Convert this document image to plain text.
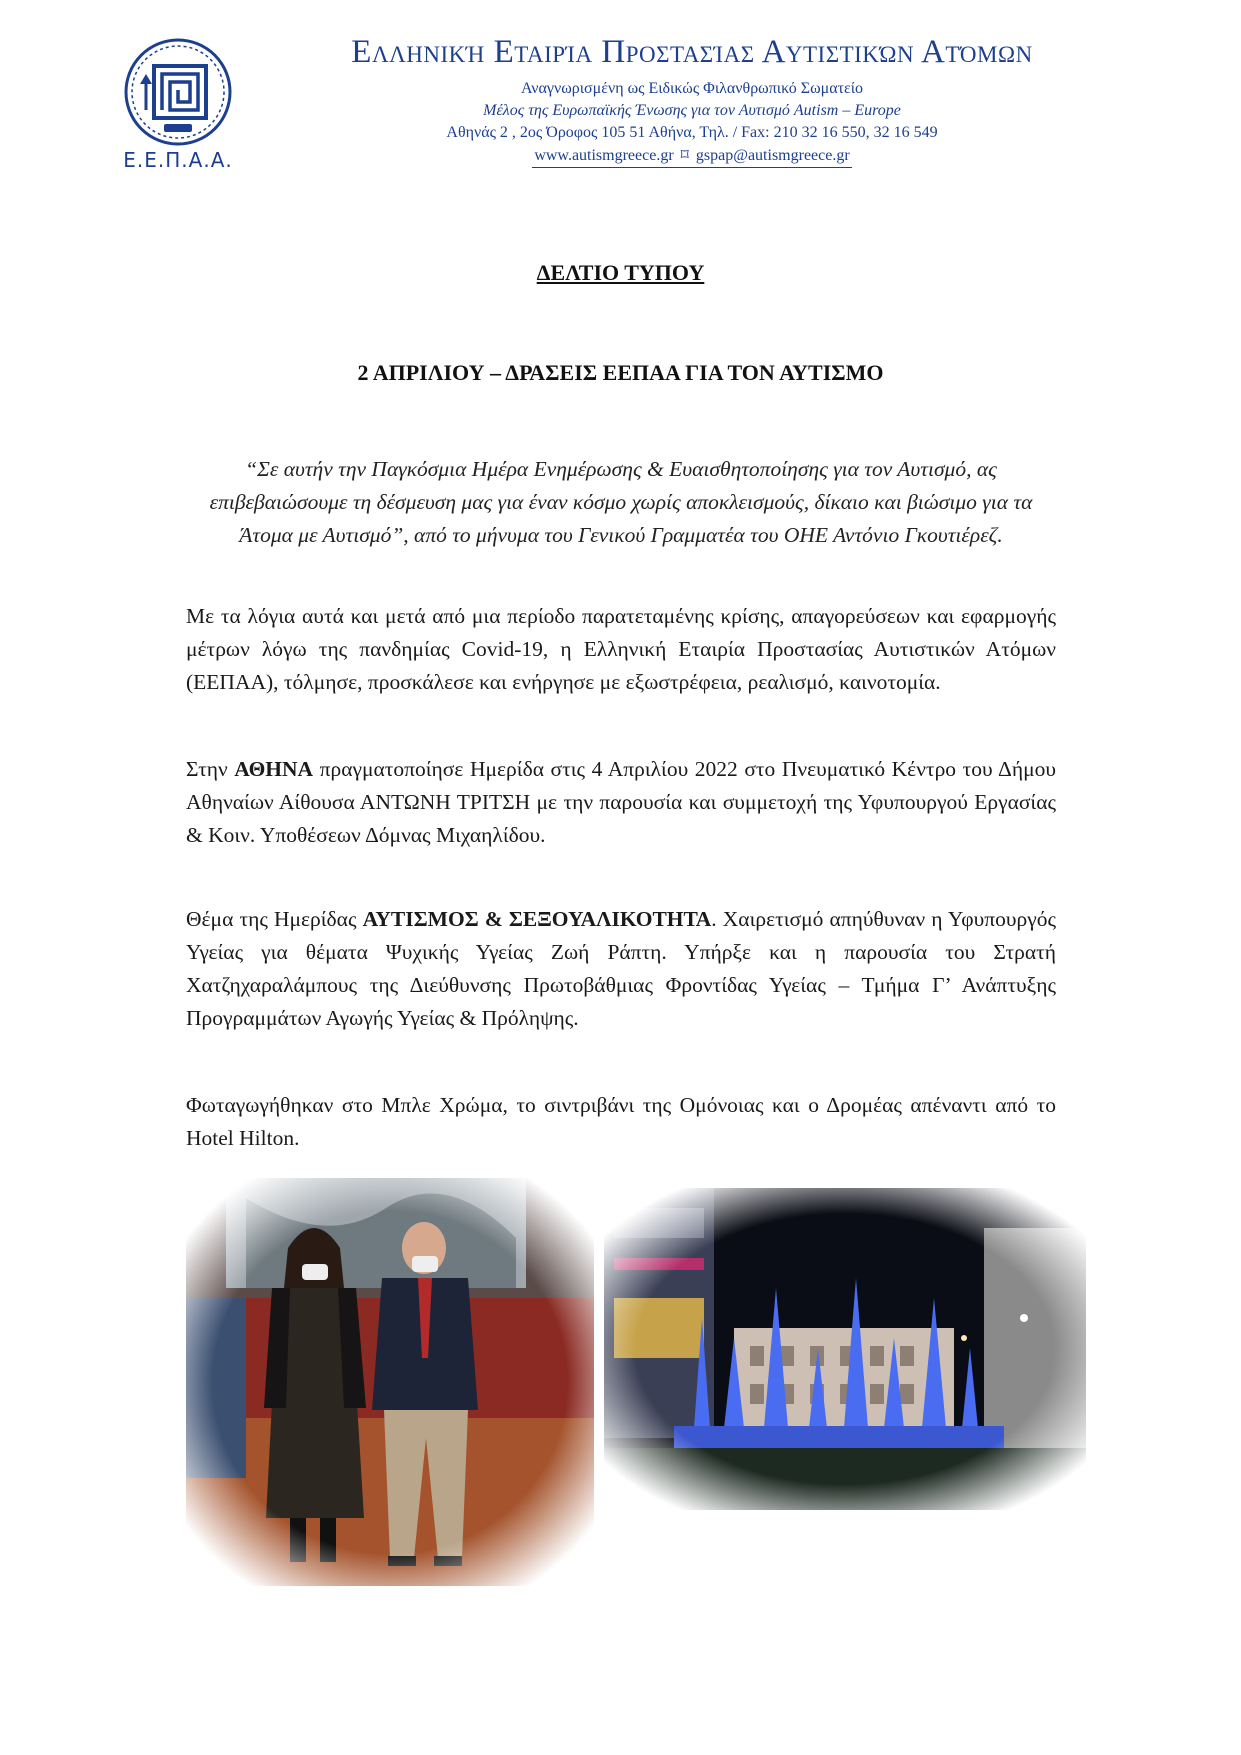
Ε.Ε.Π.Α.Α.
Ελληνική Εταιρία Προστασίας Αυτιστικών Ατόμων
Αναγνωρισμένη ως Ειδικώς Φιλανθρωπικό Σωματείο
Μέλος της Ευρωπαϊκής Ένωσης για τον Αυτισμό Autism – Europe
Αθηνάς 2 , 2ος Όροφος 105 51 Αθήνα, Τηλ. / Fax: 210 32 16 550, 32 16 549
www.autismgreece.gr ⌑ gspap@autismgreece.gr
ΔΕΛΤΙΟ ΤΥΠΟΥ
2 ΑΠΡΙΛΙΟΥ – ΔΡΑΣΕΙΣ ΕΕΠΑΑ ΓΙΑ ΤΟΝ ΑΥΤΙΣΜΟ
“Σε αυτήν την Παγκόσμια Ημέρα Ενημέρωσης & Ευαισθητοποίησης για τον Αυτισμό, ας επιβεβαιώσουμε τη δέσμευση μας για έναν κόσμο χωρίς αποκλεισμούς, δίκαιο και βιώσιμο για τα Άτομα με Αυτισμό”, από το μήνυμα του Γενικού Γραμματέα του ΟΗΕ Αντόνιο Γκουτιέρεζ.
Με τα λόγια αυτά και μετά από μια περίοδο παρατεταμένης κρίσης, απαγορεύσεων και εφαρμογής μέτρων λόγω της πανδημίας Covid-19, η Ελληνική Εταιρία Προστασίας Αυτιστικών Ατόμων (ΕΕΠΑΑ), τόλμησε, προσκάλεσε και ενήργησε με εξωστρέφεια, ρεαλισμό, καινοτομία.
Στην ΑΘΗΝΑ πραγματοποίησε Ημερίδα στις 4 Απριλίου 2022 στο Πνευματικό Κέντρο του Δήμου Αθηναίων Αίθουσα ΑΝΤΩΝΗ ΤΡΙΤΣΗ με την παρουσία και συμμετοχή της Υφυπουργού Εργασίας & Κοιν. Υποθέσεων Δόμνας Μιχαηλίδου.
Θέμα της Ημερίδας ΑΥΤΙΣΜΟΣ & ΣΕΞΟΥΑΛΙΚΟΤΗΤΑ. Χαιρετισμό απηύθυναν η Υφυπουργός Υγείας για θέματα Ψυχικής Υγείας Ζωή Ράπτη. Υπήρξε και η παρουσία του Στρατή Χατζηχαραλάμπους της Διεύθυνσης Πρωτοβάθμιας Φροντίδας Υγείας – Τμήμα Γ’ Ανάπτυξης Προγραμμάτων Αγωγής Υγείας & Πρόληψης.
Φωταγωγήθηκαν στο Μπλε Χρώμα, το σιντριβάνι της Ομόνοιας και ο Δρομέας απέναντι από το Hotel Hilton.
